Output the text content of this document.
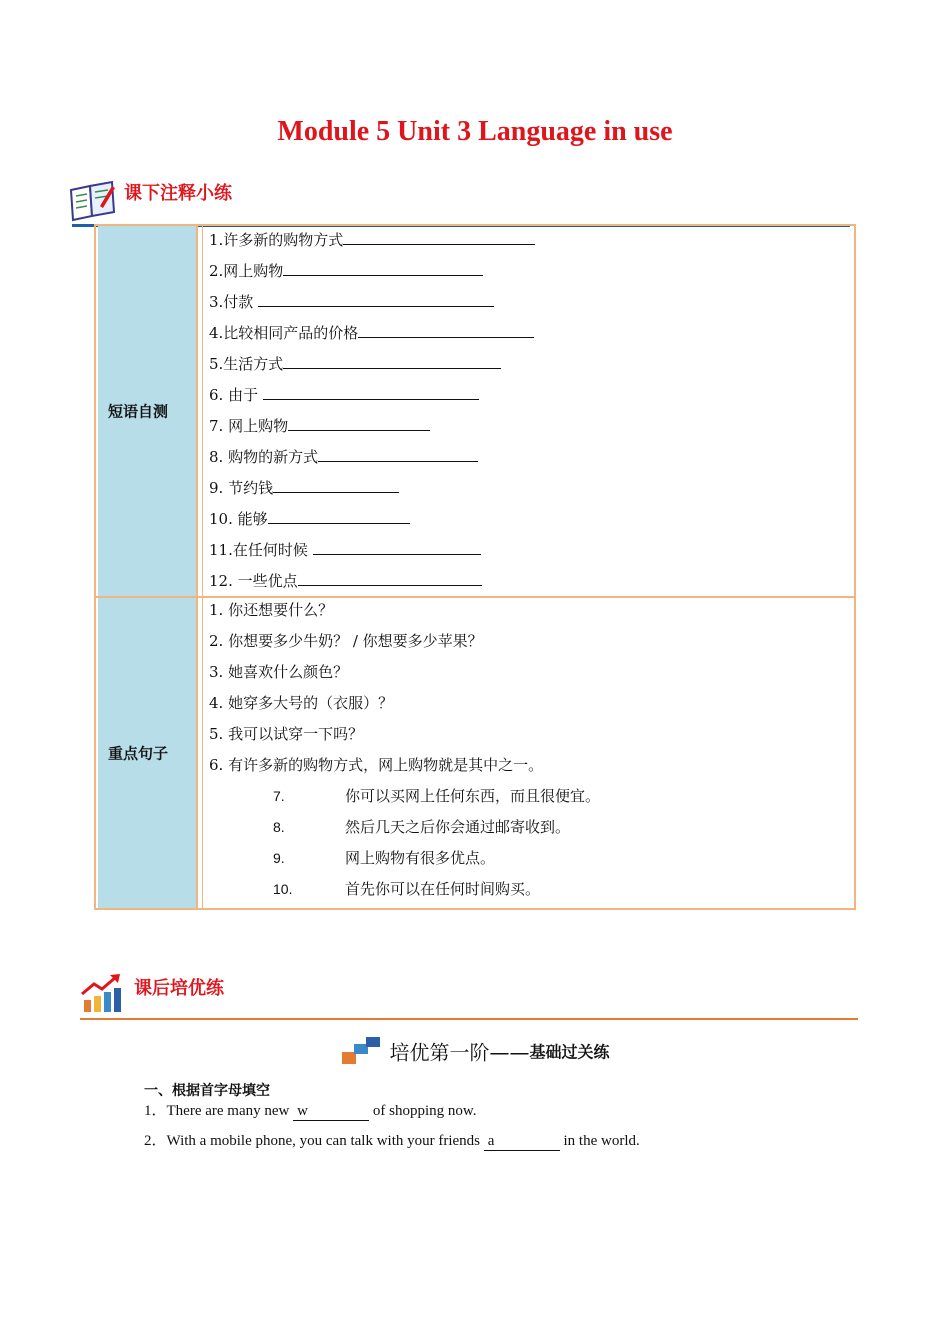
Module 5 Unit 3 Language in use
课下注释小练
短语自测
1.许多新的购物方式
2.网上购物
3.付款
4.比较相同产品的价格
5.生活方式
6. 由于
7. 网上购物
8. 购物的新方式
9. 节约钱
10. 能够
11.在任何时候
12. 一些优点
重点句子
1. 你还想要什么？
2. 你想要多少牛奶？ / 你想要多少苹果？
3. 她喜欢什么颜色？
4. 她穿多大号的（衣服）？
5. 我可以试穿一下吗？
6. 有许多新的购物方式，网上购物就是其中之一。
7.	你可以买网上任何东西，而且很便宜。
8.	然后几天之后你会通过邮寄收到。
9.	网上购物有很多优点。
10.	首先你可以在任何时间购买。
课后培优练
培优第一阶——基础过关练
一、根据首字母填空
1．There are many new w	of shopping now.
2．With a mobile phone, you can talk with your friends a	in the world.
